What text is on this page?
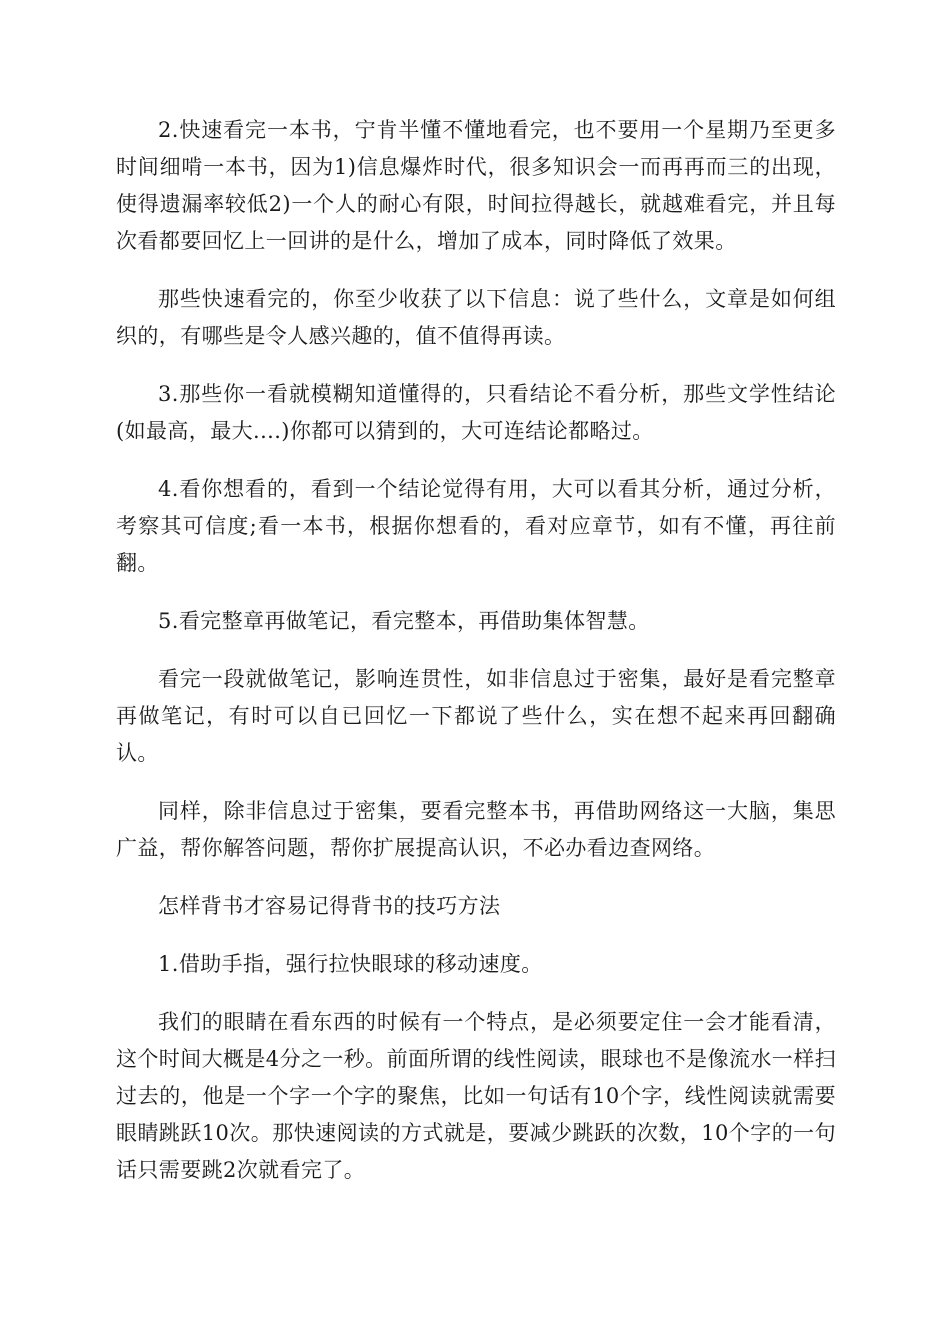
2.快速看完一本书，宁肯半懂不懂地看完，也不要用一个星期乃至更多时间细啃一本书，因为1)信息爆炸时代，很多知识会一而再再而三的出现，使得遗漏率较低2)一个人的耐心有限，时间拉得越长，就越难看完，并且每次看都要回忆上一回讲的是什么，增加了成本，同时降低了效果。

那些快速看完的，你至少收获了以下信息：说了些什么，文章是如何组织的，有哪些是令人感兴趣的，值不值得再读。

3.那些你一看就模糊知道懂得的，只看结论不看分析，那些文学性结论(如最高，最大....)你都可以猜到的，大可连结论都略过。

4.看你想看的，看到一个结论觉得有用，大可以看其分析，通过分析，考察其可信度;看一本书，根据你想看的，看对应章节，如有不懂，再往前翻。

5.看完整章再做笔记，看完整本，再借助集体智慧。

看完一段就做笔记，影响连贯性，如非信息过于密集，最好是看完整章再做笔记，有时可以自已回忆一下都说了些什么，实在想不起来再回翻确认。

同样，除非信息过于密集，要看完整本书，再借助网络这一大脑，集思广益，帮你解答问题，帮你扩展提高认识，不必办看边查网络。

怎样背书才容易记得背书的技巧方法

1.借助手指，强行拉快眼球的移动速度。

我们的眼睛在看东西的时候有一个特点，是必须要定住一会才能看清，这个时间大概是4分之一秒。前面所谓的线性阅读，眼球也不是像流水一样扫过去的，他是一个字一个字的聚焦，比如一句话有10个字，线性阅读就需要眼睛跳跃10次。那快速阅读的方式就是，要减少跳跃的次数，10个字的一句话只需要跳2次就看完了。
